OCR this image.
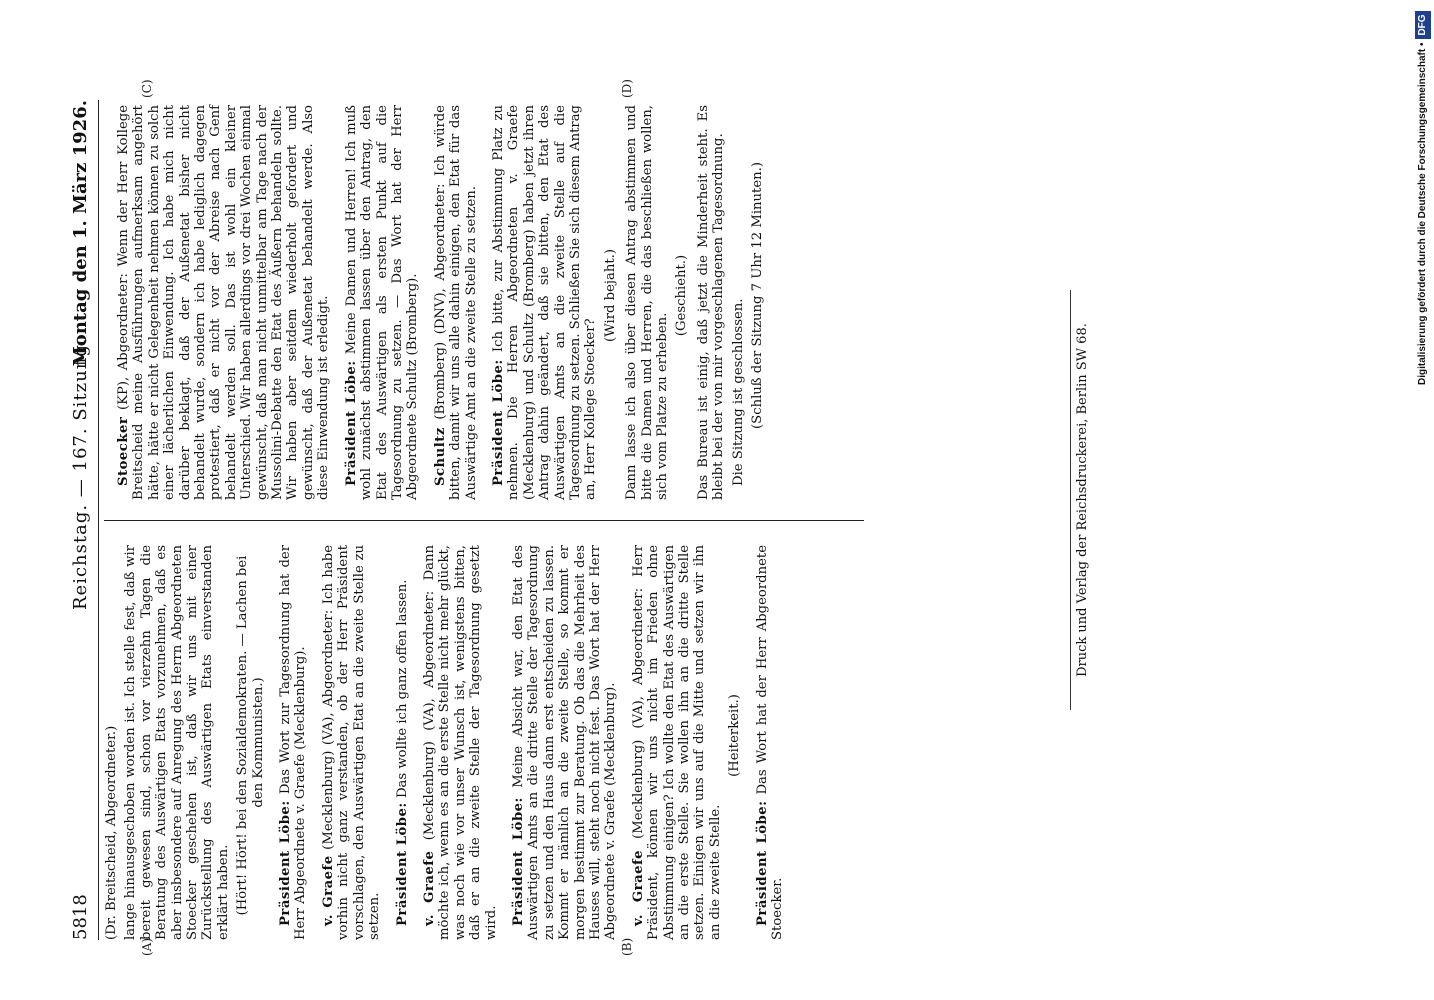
5818
Reichstag. — 167. Sitzung.
Montag den 1. März 1926.
(Dr. Breitscheid, Abgeordneter.) lange hinausgeschoben worden ist. Ich stelle fest, daß wir bereit gewesen sind, schon vor vierzehn Tagen die Beratung des Auswärtigen Etats vorzunehmen, daß es aber insbesondere auf Anregung des Herrn Abgeordneten Stoecker geschehen ist, daß wir uns mit einer Zurückstellung des Auswärtigen Etats einverstanden erklärt haben. (Hört! Hört! bei den Sozialdemokraten. — Lachen bei den Kommunisten.)
Präsident Löbe: Das Wort zur Tagesordnung hat der Herr Abgeordnete v. Graefe (Mecklenburg). v. Graefe (Mecklenburg) (VA), Abgeordneter: Ich habe vorhin nicht ganz verstanden, ob der Herr Präsident vorschlagen, den Auswärtigen Etat an die zweite Stelle zu setzen. Präsident Löbe: Das wollte ich ganz offen lassen.
v. Graefe (Mecklenburg) (VA), Abgeordneter: Dann möchte ich, wenn es an die erste Stelle nicht mehr glückt, was noch wie vor unser Wunsch ist, wenigstens bitten, daß er an die zweite Stelle der Tagesordnung gesetzt wird. Präsident Löbe: Meine Absicht war, den Etat des Auswärtigen Amts an die dritte Stelle der Tagesordnung zu setzen und den Haus dann erst entscheiden zu lassen. Kommt er nämlich an die zweite Stelle, so kommt er morgen bestimmt zur Beratung. Ob das die Mehrheit des Hauses will, steht noch nicht fest. Das Wort hat der Herr Abgeordnete v. Graefe (Mecklenburg). v. Graefe (Mecklenburg) (VA), Abgeordneter: Herr Präsident, können wir uns nicht im Frieden ohne Abstimmung einigen? Ich wollte den Etat des Auswärtigen an die erste Stelle. Sie wollen ihn an die dritte Stelle setzen. Einigen wir uns auf die Mitte und setzen wir ihn an die zweite Stelle.
(Heiterkeit.)
Präsident Löbe: Das Wort hat der Herr Abgeordnete Stoecker.
Stoecker (KP), Abgeordneter: Wenn der Herr Kollege Breitscheid meine Ausführungen aufmerksam angehört hätte, hätte er nicht Gelegenheit nehmen können zu solch einer lächerlichen Einwendung. Ich habe mich nicht darüber beklagt, daß der Außenetat bisher nicht behandelt wurde, sondern ich habe lediglich dagegen protestiert, daß er nicht vor der Abreise nach Genf behandelt werden soll. Das ist wohl ein kleiner Unterschied. Wir haben allerdings vor drei Wochen einmal gewünscht, daß man nicht unmittelbar am Tage nach der Mussolini-Debatte den Etat des Äußern behandeln sollte. Wir haben aber seitdem wiederholt gefordert und gewünscht, daß der Außenetat behandelt werde. Also diese Einwendung ist erledigt. Präsident Löbe: Meine Damen und Herren! Ich muß wohl zunächst abstimmen lassen über den Antrag, den Etat des Auswärtigen als ersten Punkt auf die Tagesordnung zu setzen. — Das Wort hat der Herr Abgeordnete Schultz (Bromberg). Schultz (Bromberg) (DNV), Abgeordneter: Ich würde bitten, damit wir uns alle dahin einigen, den Etat für das Auswärtige Amt an die zweite Stelle zu setzen. Präsident Löbe: Ich bitte, zur Abstimmung Platz zu nehmen. Die Herren Abgeordneten v. Graefe (Mecklenburg) und Schultz (Bromberg) haben jetzt ihren Antrag dahin geändert, daß sie bitten, den Etat des Auswärtigen Amts an die zweite Stelle auf die Tagesordnung zu setzen. Schließen Sie sich diesem Antrag an, Herr Kollege Stoecker?
(Wird bejaht.) Dann lasse ich also über diesen Antrag abstimmen und bitte die Damen und Herren, die das beschließen wollen, sich vom Platze zu erheben.
(Geschieht.) Das Bureau ist einig, daß jetzt die Minderheit steht. Es bleibt bei der von mir vorgeschlagenen Tagesordnung. Die Sitzung ist geschlossen. (Schluß der Sitzung 7 Uhr 12 Minuten.)
(A)	(B)
(C)	(D)
Druck und Verlag der Reichsdruckerei, Berlin SW 68.
Digitalisierung gefördert durch die Deutsche Forschungsgemeinschaft •DFG
